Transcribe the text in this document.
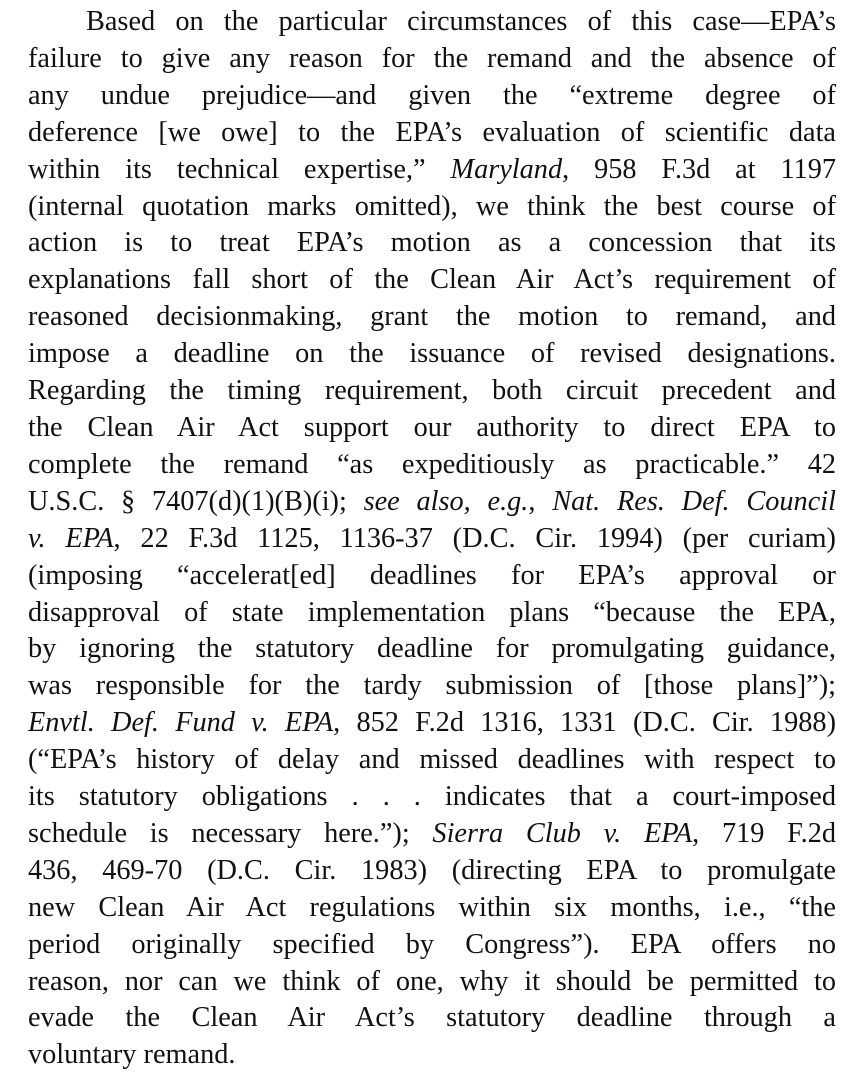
Based on the particular circumstances of this case—EPA’s
failure to give any reason for the remand and the absence of
any undue prejudice—and given the “extreme degree of
deference [we owe] to the EPA’s evaluation of scientific data
within its technical expertise,” Maryland, 958 F.3d at 1197
(internal quotation marks omitted), we think the best course of
action is to treat EPA’s motion as a concession that its
explanations fall short of the Clean Air Act’s requirement of
reasoned decisionmaking, grant the motion to remand, and
impose a deadline on the issuance of revised designations.
Regarding the timing requirement, both circuit precedent and
the Clean Air Act support our authority to direct EPA to
complete the remand “as expeditiously as practicable.” 42
U.S.C. § 7407(d)(1)(B)(i); see also, e.g., Nat. Res. Def. Council
v. EPA, 22 F.3d 1125, 1136-37 (D.C. Cir. 1994) (per curiam)
(imposing “accelerat[ed] deadlines for EPA’s approval or
disapproval of state implementation plans “because the EPA,
by ignoring the statutory deadline for promulgating guidance,
was responsible for the tardy submission of [those plans]”);
Envtl. Def. Fund v. EPA, 852 F.2d 1316, 1331 (D.C. Cir. 1988)
(“EPA’s history of delay and missed deadlines with respect to
its statutory obligations . . . indicates that a court-imposed
schedule is necessary here.”); Sierra Club v. EPA, 719 F.2d
436, 469-70 (D.C. Cir. 1983) (directing EPA to promulgate
new Clean Air Act regulations within six months, i.e., “the
period originally specified by Congress”). EPA offers no
reason, nor can we think of one, why it should be permitted to
evade the Clean Air Act’s statutory deadline through a
voluntary remand.
